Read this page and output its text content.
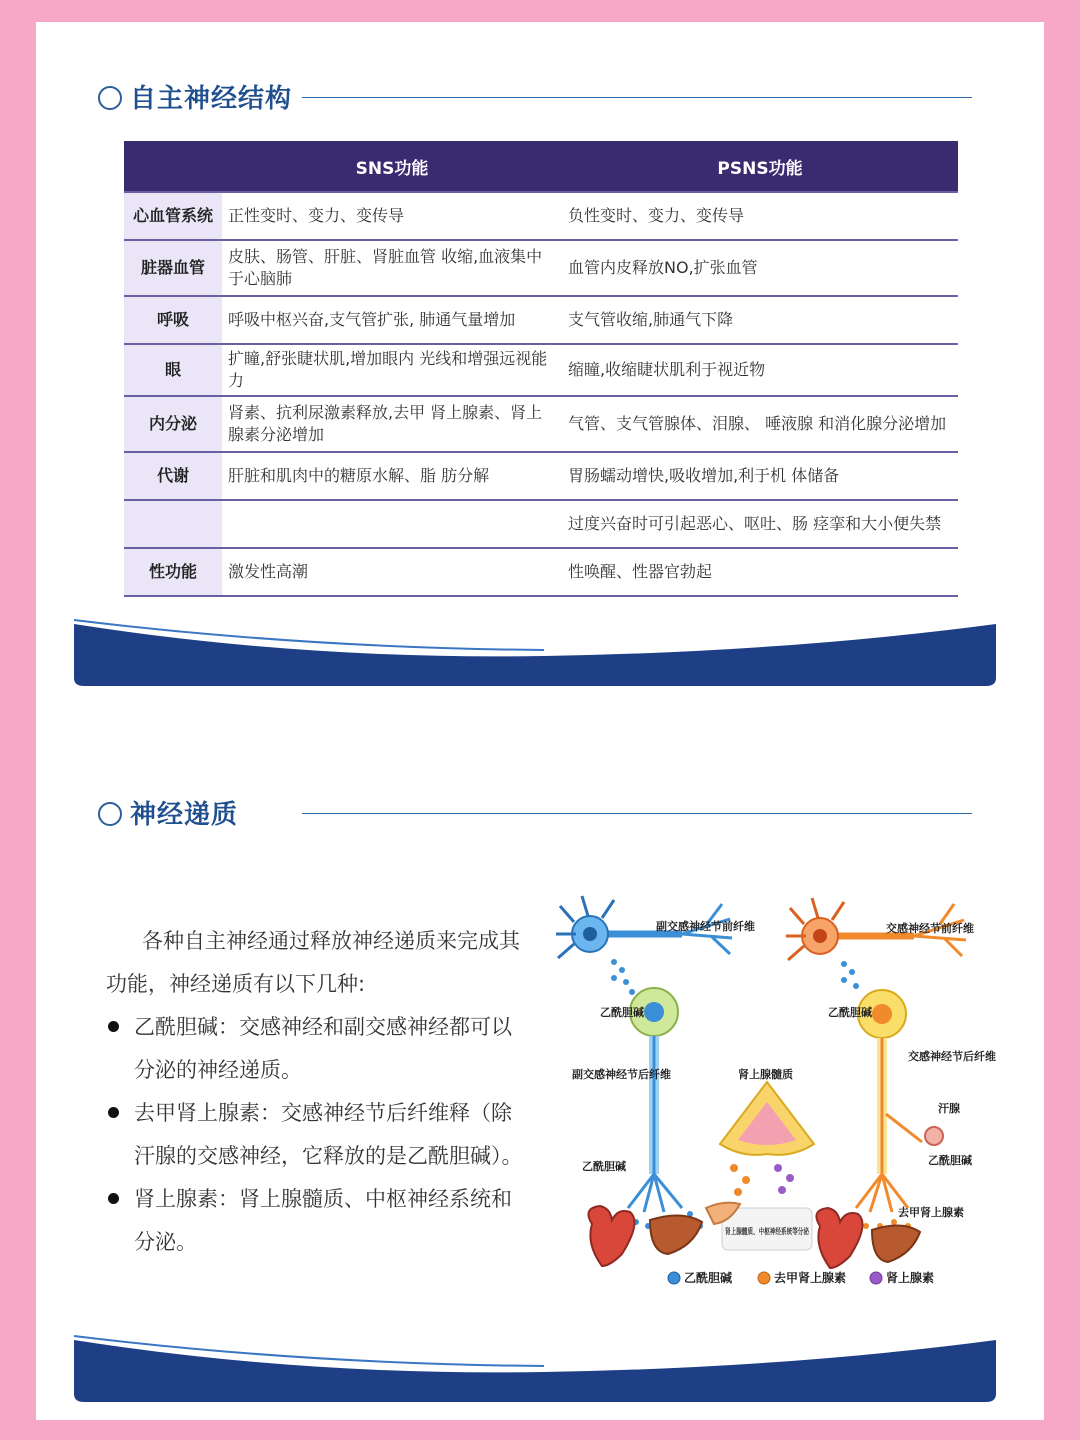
自主神经结构
	SNS功能	PSNS功能
心血管系统	正性变时、变力、变传导	负性变时、变力、变传导
脏器血管	皮肤、肠管、肝脏、肾脏血管 收缩,血液集中于心脑肺	血管内皮释放NO,扩张血管
呼吸	呼吸中枢兴奋,支气管扩张, 肺通气量增加	支气管收缩,肺通气下降
眼	扩瞳,舒张睫状肌,增加眼内 光线和增强远视能力	缩瞳,收缩睫状肌利于视近物
内分泌	肾素、抗利尿激素释放,去甲 肾上腺素、肾上腺素分泌增加	气管、支气管腺体、泪腺、 唾液腺 和消化腺分泌增加
代谢	肝脏和肌肉中的糖原水解、脂 肪分解	胃肠蠕动增快,吸收增加,利于机 体储备
		过度兴奋时可引起恶心、呕吐、肠 痉挛和大小便失禁
性功能	激发性高潮	性唤醒、性器官勃起
神经递质

各种自主神经通过释放神经递质来完成其功能，神经递质有以下几种:

乙酰胆碱：交感神经和副交感神经都可以分泌的神经递质。
去甲肾上腺素：交感神经节后纤维释（除汗腺的交感神经，它释放的是乙酰胆碱）。
肾上腺素：肾上腺髓质、中枢神经系统和分泌。
副交感神经节前纤维	交感神经节前纤维
乙酰胆碱	乙酰胆碱
副交感神经节后纤维	肾上腺髓质
交感神经节后纤维
汗腺
乙酰胆碱
乙酰胆碱
去甲肾上腺素
肾上腺髓质、中枢神经系统等分泌
乙酰胆碱	去甲肾上腺素	肾上腺素
